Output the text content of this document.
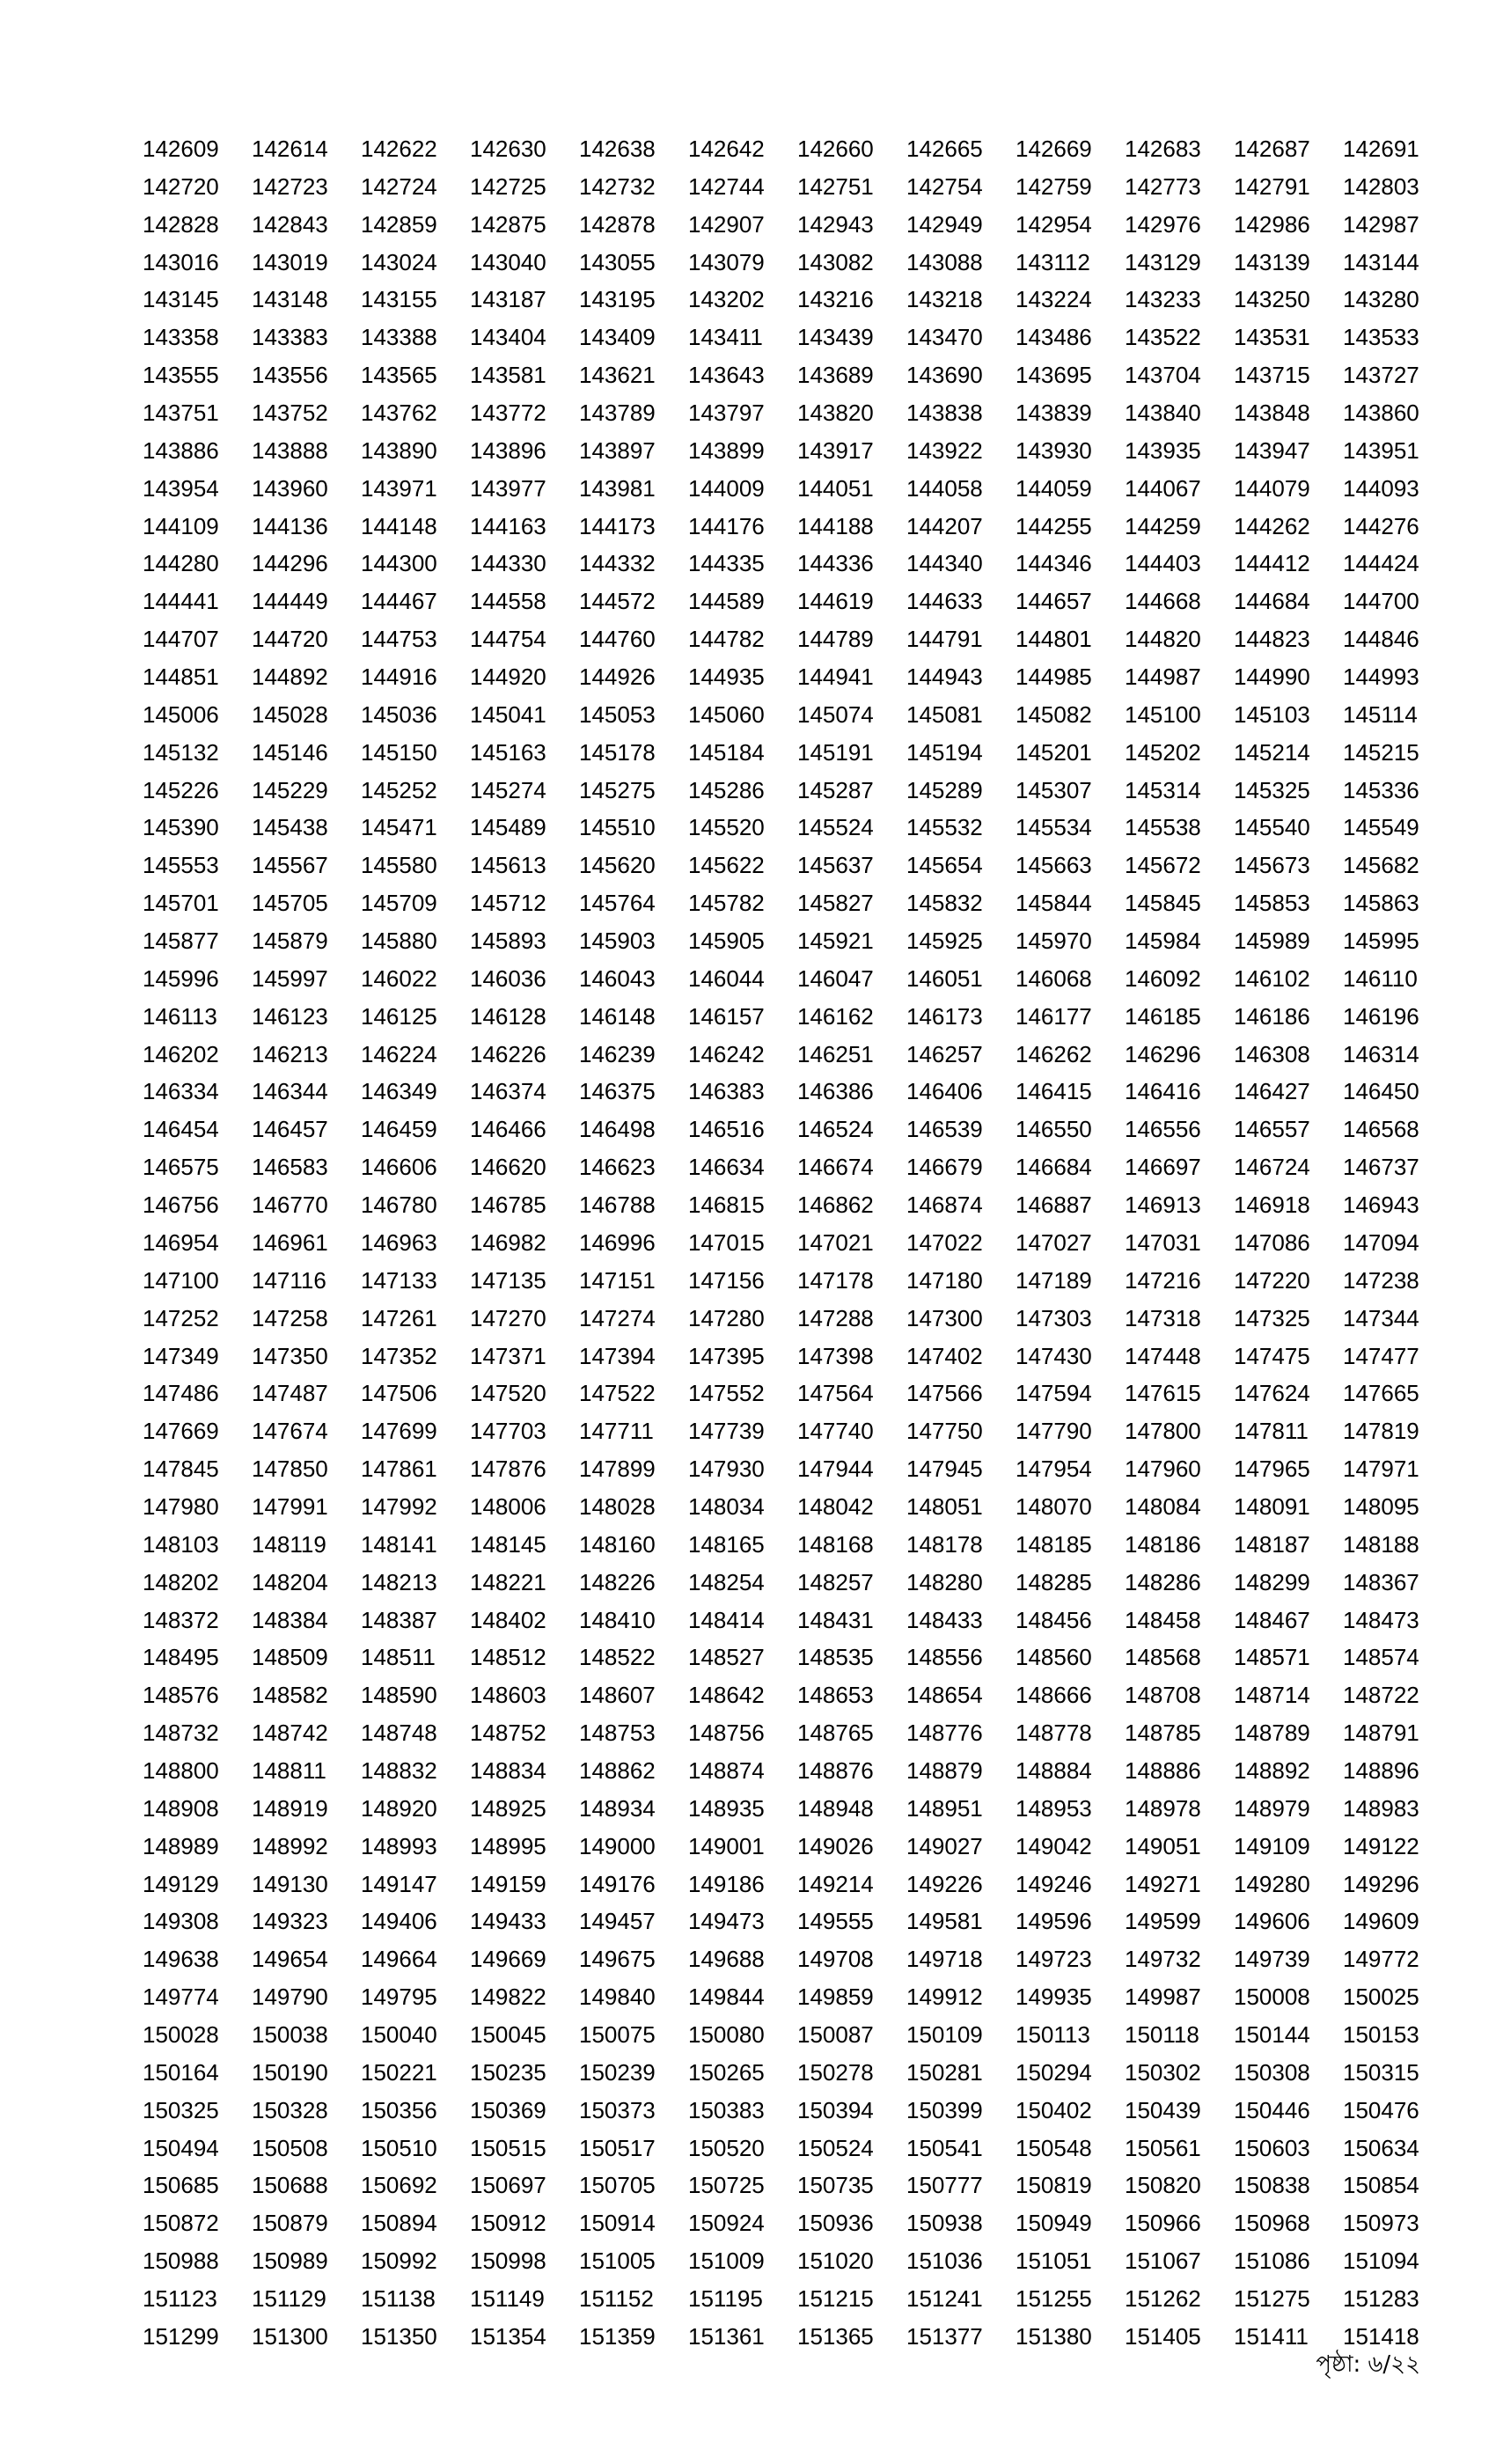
142609	142614	142622	142630	142638	142642	142660	142665	142669	142683	142687	142691
142720	142723	142724	142725	142732	142744	142751	142754	142759	142773	142791	142803
142828	142843	142859	142875	142878	142907	142943	142949	142954	142976	142986	142987
143016	143019	143024	143040	143055	143079	143082	143088	143112	143129	143139	143144
143145	143148	143155	143187	143195	143202	143216	143218	143224	143233	143250	143280
143358	143383	143388	143404	143409	143411	143439	143470	143486	143522	143531	143533
143555	143556	143565	143581	143621	143643	143689	143690	143695	143704	143715	143727
143751	143752	143762	143772	143789	143797	143820	143838	143839	143840	143848	143860
143886	143888	143890	143896	143897	143899	143917	143922	143930	143935	143947	143951
143954	143960	143971	143977	143981	144009	144051	144058	144059	144067	144079	144093
144109	144136	144148	144163	144173	144176	144188	144207	144255	144259	144262	144276
144280	144296	144300	144330	144332	144335	144336	144340	144346	144403	144412	144424
144441	144449	144467	144558	144572	144589	144619	144633	144657	144668	144684	144700
144707	144720	144753	144754	144760	144782	144789	144791	144801	144820	144823	144846
144851	144892	144916	144920	144926	144935	144941	144943	144985	144987	144990	144993
145006	145028	145036	145041	145053	145060	145074	145081	145082	145100	145103	145114
145132	145146	145150	145163	145178	145184	145191	145194	145201	145202	145214	145215
145226	145229	145252	145274	145275	145286	145287	145289	145307	145314	145325	145336
145390	145438	145471	145489	145510	145520	145524	145532	145534	145538	145540	145549
145553	145567	145580	145613	145620	145622	145637	145654	145663	145672	145673	145682
145701	145705	145709	145712	145764	145782	145827	145832	145844	145845	145853	145863
145877	145879	145880	145893	145903	145905	145921	145925	145970	145984	145989	145995
145996	145997	146022	146036	146043	146044	146047	146051	146068	146092	146102	146110
146113	146123	146125	146128	146148	146157	146162	146173	146177	146185	146186	146196
146202	146213	146224	146226	146239	146242	146251	146257	146262	146296	146308	146314
146334	146344	146349	146374	146375	146383	146386	146406	146415	146416	146427	146450
146454	146457	146459	146466	146498	146516	146524	146539	146550	146556	146557	146568
146575	146583	146606	146620	146623	146634	146674	146679	146684	146697	146724	146737
146756	146770	146780	146785	146788	146815	146862	146874	146887	146913	146918	146943
146954	146961	146963	146982	146996	147015	147021	147022	147027	147031	147086	147094
147100	147116	147133	147135	147151	147156	147178	147180	147189	147216	147220	147238
147252	147258	147261	147270	147274	147280	147288	147300	147303	147318	147325	147344
147349	147350	147352	147371	147394	147395	147398	147402	147430	147448	147475	147477
147486	147487	147506	147520	147522	147552	147564	147566	147594	147615	147624	147665
147669	147674	147699	147703	147711	147739	147740	147750	147790	147800	147811	147819
147845	147850	147861	147876	147899	147930	147944	147945	147954	147960	147965	147971
147980	147991	147992	148006	148028	148034	148042	148051	148070	148084	148091	148095
148103	148119	148141	148145	148160	148165	148168	148178	148185	148186	148187	148188
148202	148204	148213	148221	148226	148254	148257	148280	148285	148286	148299	148367
148372	148384	148387	148402	148410	148414	148431	148433	148456	148458	148467	148473
148495	148509	148511	148512	148522	148527	148535	148556	148560	148568	148571	148574
148576	148582	148590	148603	148607	148642	148653	148654	148666	148708	148714	148722
148732	148742	148748	148752	148753	148756	148765	148776	148778	148785	148789	148791
148800	148811	148832	148834	148862	148874	148876	148879	148884	148886	148892	148896
148908	148919	148920	148925	148934	148935	148948	148951	148953	148978	148979	148983
148989	148992	148993	148995	149000	149001	149026	149027	149042	149051	149109	149122
149129	149130	149147	149159	149176	149186	149214	149226	149246	149271	149280	149296
149308	149323	149406	149433	149457	149473	149555	149581	149596	149599	149606	149609
149638	149654	149664	149669	149675	149688	149708	149718	149723	149732	149739	149772
149774	149790	149795	149822	149840	149844	149859	149912	149935	149987	150008	150025
150028	150038	150040	150045	150075	150080	150087	150109	150113	150118	150144	150153
150164	150190	150221	150235	150239	150265	150278	150281	150294	150302	150308	150315
150325	150328	150356	150369	150373	150383	150394	150399	150402	150439	150446	150476
150494	150508	150510	150515	150517	150520	150524	150541	150548	150561	150603	150634
150685	150688	150692	150697	150705	150725	150735	150777	150819	150820	150838	150854
150872	150879	150894	150912	150914	150924	150936	150938	150949	150966	150968	150973
150988	150989	150992	150998	151005	151009	151020	151036	151051	151067	151086	151094
151123	151129	151138	151149	151152	151195	151215	151241	151255	151262	151275	151283
151299	151300	151350	151354	151359	151361	151365	151377	151380	151405	151411	151418
পৃষ্ঠা: ৬/২২
